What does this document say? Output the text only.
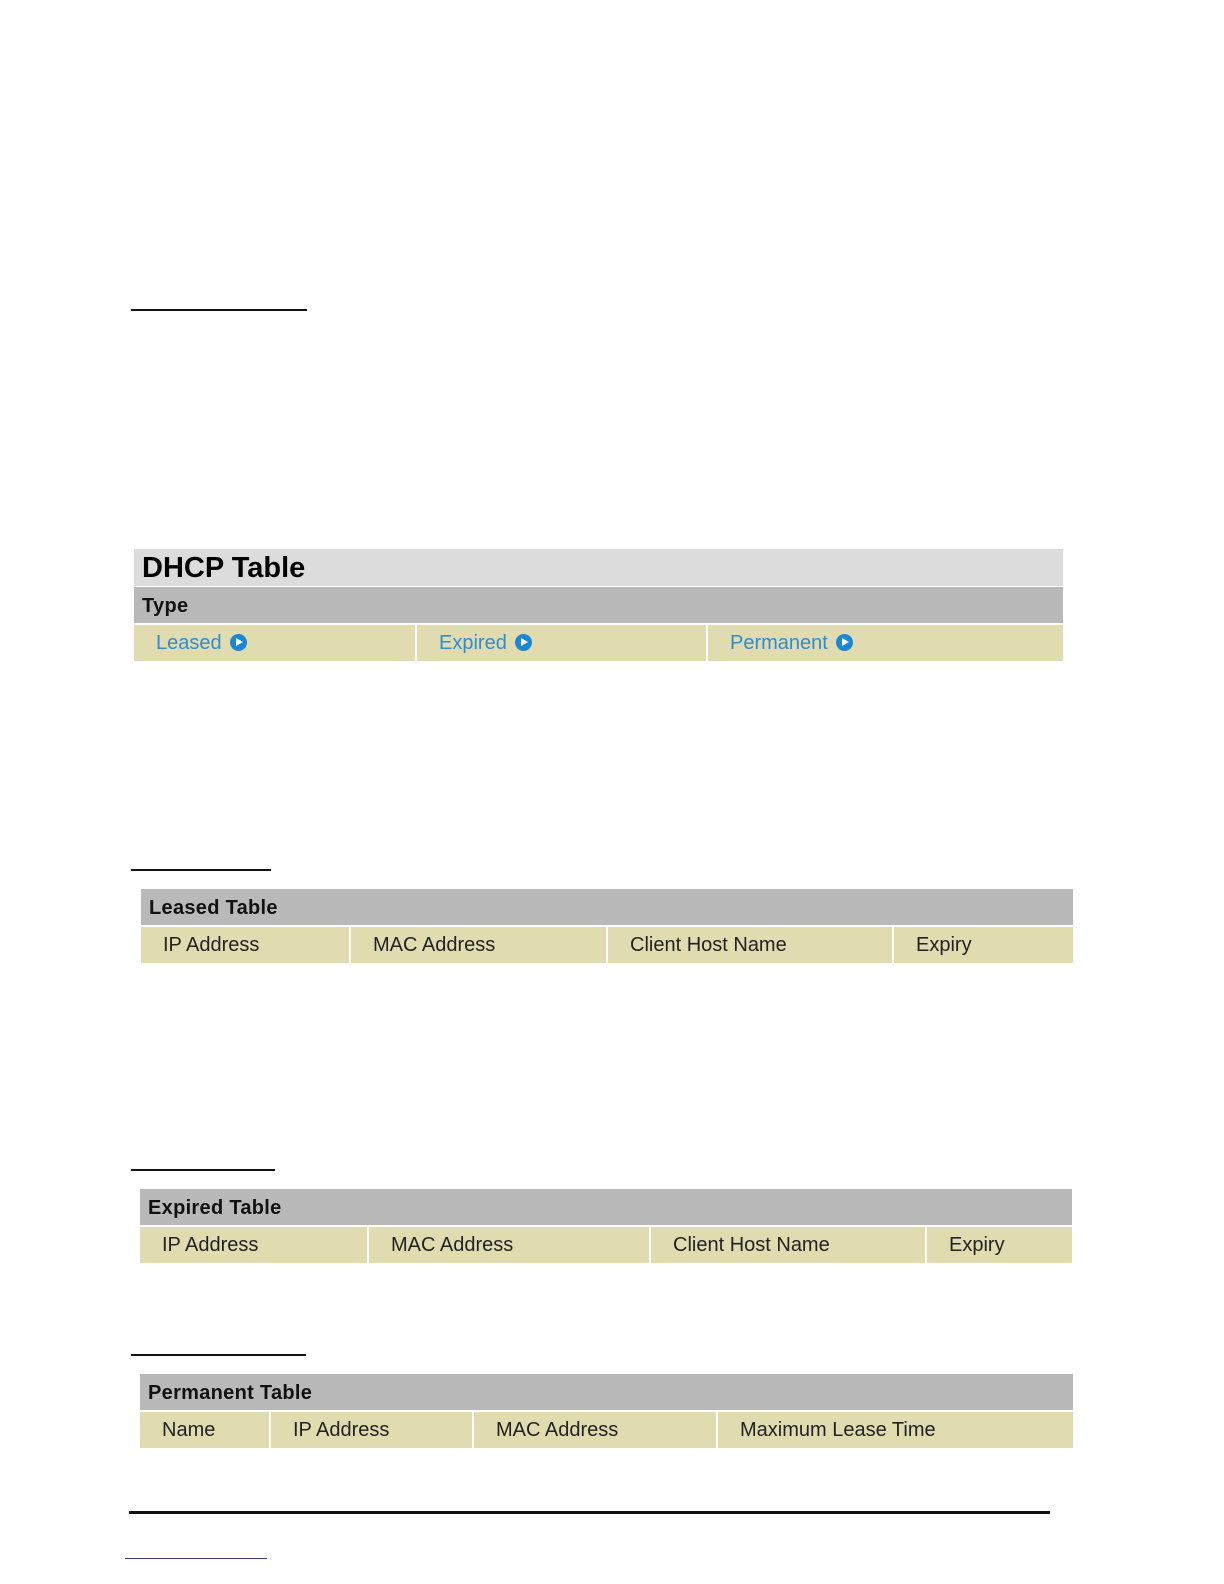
DHCP Table
Type
Leased	Expired	Permanent
Leased Table
IP Address	MAC Address	Client Host Name	Expiry
Expired Table
IP Address	MAC Address	Client Host Name	Expiry
Permanent Table
Name	IP Address	MAC Address	Maximum Lease Time
